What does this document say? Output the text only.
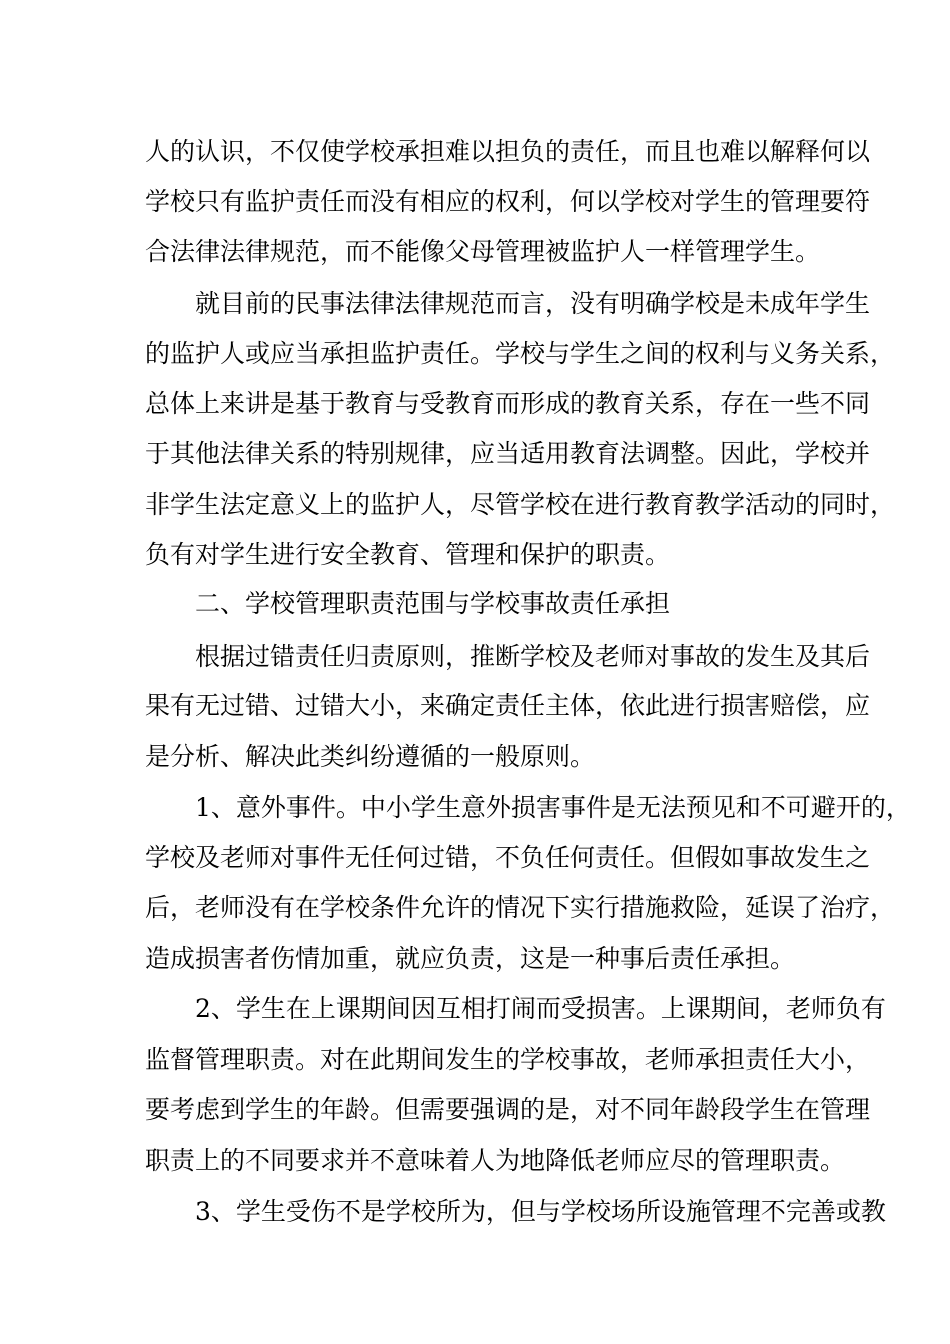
人的认识，不仅使学校承担难以担负的责任，而且也难以解释何以
学校只有监护责任而没有相应的权利，何以学校对学生的管理要符
合法律法律规范，而不能像父母管理被监护人一样管理学生。
　　就目前的民事法律法律规范而言，没有明确学校是未成年学生
的监护人或应当承担监护责任。学校与学生之间的权利与义务关系，
总体上来讲是基于教育与受教育而形成的教育关系，存在一些不同
于其他法律关系的特别规律，应当适用教育法调整。因此，学校并
非学生法定意义上的监护人，尽管学校在进行教育教学活动的同时，
负有对学生进行安全教育、管理和保护的职责。
　　二、学校管理职责范围与学校事故责任承担
　　根据过错责任归责原则，推断学校及老师对事故的发生及其后
果有无过错、过错大小，来确定责任主体，依此进行损害赔偿，应
是分析、解决此类纠纷遵循的一般原则。
　　1、意外事件。中小学生意外损害事件是无法预见和不可避开的，
学校及老师对事件无任何过错，不负任何责任。但假如事故发生之
后，老师没有在学校条件允许的情况下实行措施救险，延误了治疗，
造成损害者伤情加重，就应负责，这是一种事后责任承担。
　　2、学生在上课期间因互相打闹而受损害。上课期间，老师负有
监督管理职责。对在此期间发生的学校事故，老师承担责任大小，
要考虑到学生的年龄。但需要强调的是，对不同年龄段学生在管理
职责上的不同要求并不意味着人为地降低老师应尽的管理职责。
　　3、学生受伤不是学校所为，但与学校场所设施管理不完善或教
